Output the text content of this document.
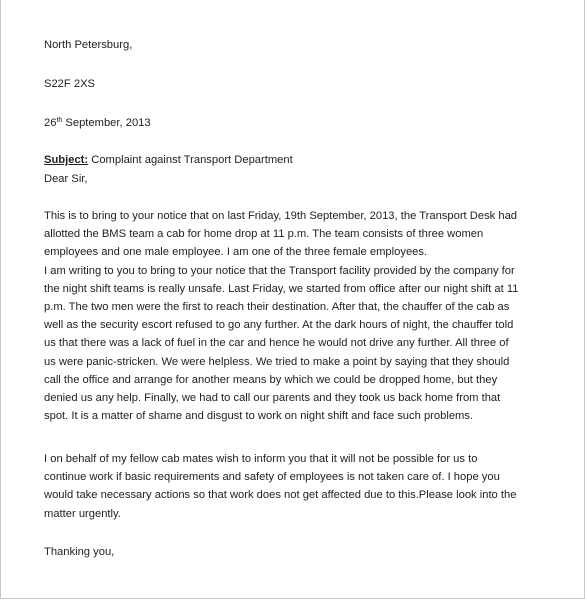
North Petersburg,
S22F 2XS
26th September, 2013
Subject: Complaint against Transport Department
Dear Sir,
This is to bring to your notice that on last Friday, 19th September, 2013, the Transport Desk had
allotted the BMS team a cab for home drop at 11 p.m. The team consists of three women
employees and one male employee. I am one of the three female employees.
I am writing to you to bring to your notice that the Transport facility provided by the company for
the night shift teams is really unsafe. Last Friday, we started from office after our night shift at 11
p.m. The two men were the first to reach their destination. After that, the chauffer of the cab as
well as the security escort refused to go any further. At the dark hours of night, the chauffer told
us that there was a lack of fuel in the car and hence he would not drive any further. All three of
us were panic-stricken. We were helpless. We tried to make a point by saying that they should
call the office and arrange for another means by which we could be dropped home, but they
denied us any help. Finally, we had to call our parents and they took us back home from that
spot. It is a matter of shame and disgust to work on night shift and face such problems.
I on behalf of my fellow cab mates wish to inform you that it will not be possible for us to
continue work if basic requirements and safety of employees is not taken care of. I hope you
would take necessary actions so that work does not get affected due to this.Please look into the
matter urgently.
Thanking you,
